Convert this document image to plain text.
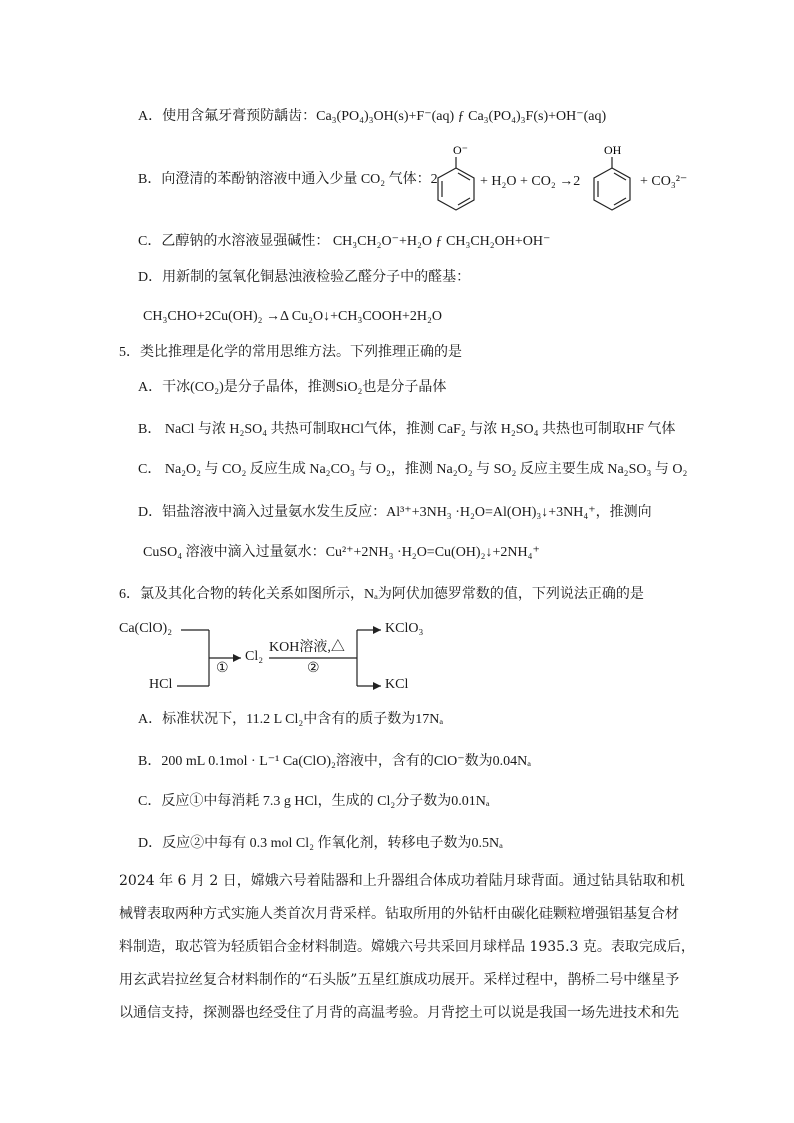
A．使用含氟牙膏预防龋齿：Ca₃(PO₄)₃OH(s)+F⁻(aq) ƒ Ca₃(PO₄)₃F(s)+OH⁻(aq)
B．向澄清的苯酚钠溶液中通入少量 CO₂ 气体：2
O⁻
+ H₂O + CO₂ →2
OH
+ CO₃²⁻
C．乙醇钠的水溶液显强碱性： CH₃CH₂O⁻+H₂O ƒ CH₃CH₂OH+OH⁻
D．用新制的氢氧化铜悬浊液检验乙醛分子中的醛基：
CH₃CHO+2Cu(OH)₂ →Δ Cu₂O↓+CH₃COOH+2H₂O
5．类比推理是化学的常用思维方法。下列推理正确的是
A．干冰(CO₂)是分子晶体，推测SiO₂也是分子晶体
B． NaCl 与浓 H₂SO₄ 共热可制取HCl气体，推测 CaF₂ 与浓 H₂SO₄ 共热也可制取HF 气体
C． Na₂O₂ 与 CO₂ 反应生成 Na₂CO₃ 与 O₂，推测 Na₂O₂ 与 SO₂ 反应主要生成 Na₂SO₃ 与 O₂
D．铝盐溶液中滴入过量氨水发生反应：Al³⁺+3NH₃ ·H₂O=Al(OH)₃↓+3NH₄⁺，推测向
CuSO₄ 溶液中滴入过量氨水：Cu²⁺+2NH₃ ·H₂O=Cu(OH)₂↓+2NH₄⁺
6．氯及其化合物的转化关系如图所示，Nₐ为阿伏加德罗常数的值，下列说法正确的是
Ca(ClO)₂
HCl
①
Cl₂
KOH溶液,△
②
KClO₃
KCl
A．标准状况下，11.2 L Cl₂中含有的质子数为17Nₐ
B．200 mL 0.1mol · L⁻¹ Ca(ClO)₂溶液中，含有的ClO⁻数为0.04Nₐ
C．反应①中每消耗 7.3 g HCl，生成的 Cl₂分子数为0.01Nₐ
D．反应②中每有 0.3 mol Cl₂ 作氧化剂，转移电子数为0.5Nₐ
2024 年 6 月 2 日，嫦娥六号着陆器和上升器组合体成功着陆月球背面。通过钻具钻取和机
械臂表取两种方式实施人类首次月背采样。钻取所用的外钻杆由碳化硅颗粒增强铝基复合材
料制造，取芯管为轻质铝合金材料制造。嫦娥六号共采回月球样品 1935.3 克。表取完成后，
用玄武岩拉丝复合材料制作的“石头版”五星红旗成功展开。采样过程中，鹊桥二号中继星予
以通信支持，探测器也经受住了月背的高温考验。月背挖土可以说是我国一场先进技术和先
